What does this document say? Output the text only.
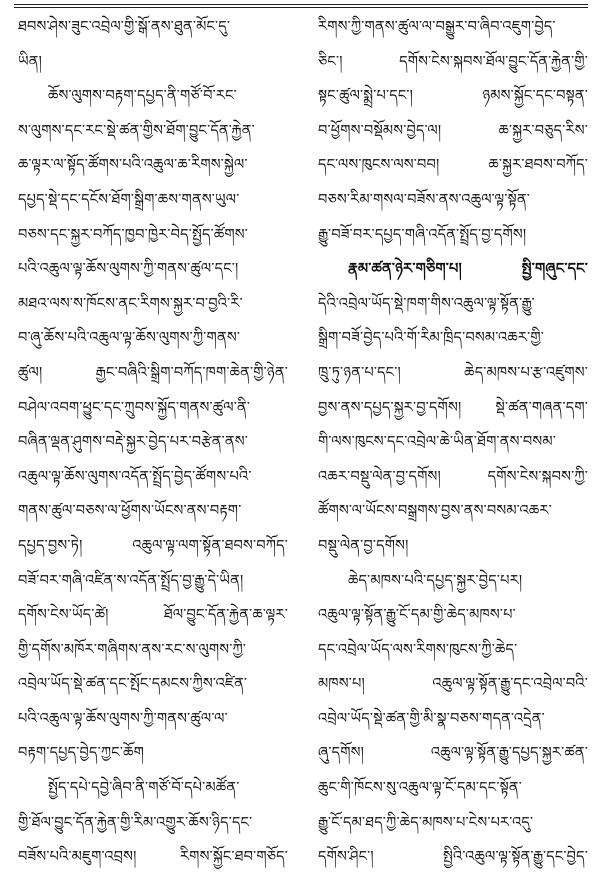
ཐབས་ཤེས་ཟུང་འབྲེལ་གྱི་སྒོ་ནས་ཐུན་མོང་དུ་
ཡིན།
ཆོས་ལུགས་བརྟག་དཔྱད་ནི་གཙོ་བོ་རང་
ས་ལུགས་དང་རང་སྡེ་ཚན་གྱིས་ཐོག་བྱུང་དོན་རྐྱེན་
ཆ་ལྟར་ལ་སྟོད་ཚོགས་པའི་འཆུལ་ཆ་རིགས་སྐྱེལ་
དཔྱད་སྡེ་དང་དངོས་ཐོག་སྒྲིག་ཆས་གནས་ཡུལ་
བཅས་དང་སྐྱར་བཀོད་ཁྱབ་ཁྱེར་བེད་སྤྱོད་ཚོགས་
པའི་འཆུལ་ལྟ་ཆོས་ལུགས་ཀྱི་གནས་ཚུལ་དང་།
མཐའ་ལས་ས་ཁོངས་ནང་རིགས་སྐྱར་བ་བྱའི་རི་
བ་ཞུ་ཆོས་པའི་འཆུལ་ལྟ་ཆོས་ལུགས་ཀྱི་གནས་
ཚུལ། རྒྱང་བཞིའི་སྒྲིག་བཀོད་ཁག་ཆེན་གྱི་ཉེན་
བཤེལ་འབག་ཕྱུང་དང་ཀྲུབས་སྐྱོད་གནས་ཚུལ་ནི་
བཞིན་ལྡན་ཤུགས་བརྡེ་སྐྱར་བྱེད་པར་བརྩེན་ནས་
འཆུལ་ལྟ་ཆོས་ལུགས་འདོན་སྤྲོད་བྱེད་ཚོགས་པའི་
གནས་ཚུལ་བཅས་ལ་ཕྱོགས་ཡོངས་ནས་བརྟག་
དཔྱད་བྱས་ཏེ། འཆུལ་ལྟ་ལག་སྟོན་ཐབས་བཀོད་
བཟོ་བར་གཞི་འཛིན་ས་འདོན་སྤྲོད་བྱ་རྒྱུ་དེ་ཡིན།
དགོས་ངེས་ཡོད་ཚེ། ཐོལ་བྱུང་དོན་རྐྱེན་ཆ་ལྟར་
གྱི་དགོས་མཁོར་གཞིགས་ནས་རང་ས་ལུགས་ཀྱི་
འབྲེལ་ཡོད་སྡེ་ཚན་དང་སྤོང་དམངས་ཀྱིས་འཛིན་
པའི་འཆུལ་ལྟ་ཆོས་ལུགས་ཀྱི་གནས་ཚུལ་ལ་
བརྟག་དཔྱད་བྱེད་ཀྱང་ཆོག
སྤྱོད་དཔེ་དབྱེ་ཞིབ་ནི་གཙོ་བོ་དཔེ་མཚོན་
གྱི་ཐོལ་བྱུང་དོན་རྐྱེན་གྱི་རིམ་འགྱུར་ཆོས་ཉིད་དང་
བཟོས་པའི་མཇུག་འབྲས། རིགས་སྐྱོང་ཐབ་གཅོད་
རིགས་ཀྱི་གནས་ཚུལ་ལ་བསྒྱུར་བ་ཞིབ་འཇུག་བྱེད་
ཅིང་། དགོས་ངེས་སྐབས་ཐོལ་བྱུང་དོན་རྐྱེན་གྱི་
སྟང་ཚུལ་སྨྲེ་པ་དང་། ཉམས་སྐྱོང་དང་བསྟན་
བ་ཕྱོགས་བསྡོམས་བྱེད་ལ། ཆ་སྐྱར་བཅུད་རིས་
དང་ལས་ཁུངས་ལས་བབ། ཆ་སྐྱར་ཐབས་བཀོད་
བཅས་རིམ་གསལ་བཟོས་ནས་འཆུལ་ལྟ་སྟོན་
རྒྱུ་བཟོ་བར་དཔྱད་གཞི་འདོན་སྤྲོད་བྱ་དགོས།
རྣམ་ཚན་ཉེར་གཅིག་པ། སྤྱི་གཞུང་དང་
དེའི་འབྲེལ་ཡོད་སྡེ་ཁག་གིས་འཆུལ་ལྟ་སྟོན་རྒྱུ་
སྒྲིག་བཟོ་བྱེད་པའི་གོ་རིམ་ཁྲིད་བསམ་འཆར་གྱི་
ཁྲུ་ཏུ་ཉན་པ་དང་། ཆེད་མཁས་པ་རྩ་འཛུགས་
བྱས་ནས་དཔྱད་སྐྱར་བྱ་དགོས། སྡེ་ཚན་གཞན་དག་
གི་ལས་ཁུངས་དང་འབྲེལ་ཆེ་ཡིན་ཐོག་ནས་བསམ་
འཆར་བསྡུ་ལེན་བྱ་དགོས། དགོས་ངེས་སྐབས་ཀྱི་
ཚོགས་ལ་ཡོངས་བསྒྲགས་བྱས་ནས་བསམ་འཆར་
བསྡུ་ལེན་བྱ་དགོས།
ཆེད་མཁས་པའི་དཔྱད་སྐྱར་བྱེད་པར།
འཆུལ་ལྟ་སྟོན་རྒྱུ་ངོ་དམ་གྱི་ཆེད་མཁས་པ་
དང་འབྲེལ་ཡོད་ལས་རིགས་ཁུངས་ཀྱི་ཆེད་
མཁས་པ། འཆུལ་ལྟ་སྟོན་རྒྱུ་དང་འབྲེལ་བའི་
འབྲེལ་ཡོད་སྡེ་ཚན་གྱི་མི་སྣ་བཅས་གདན་འདྲེན་
ཞུ་དགོས། འཆུལ་ལྟ་སྟོན་རྒྱུ་དཔྱད་སྐྱར་ཚན་
ཆུང་གི་ཁོངས་སུ་འཆུལ་ལྟ་ངོ་དམ་དང་སྟོན་
རྒྱུ་ངོ་དམ་ཐད་ཀྱི་ཆེད་མཁས་པ་ངེས་པར་འདུ་
དགོས་ཤིང་། སྤྱིའི་འཆུལ་ལྟ་སྟོན་རྒྱུ་དང་བྱེད་
